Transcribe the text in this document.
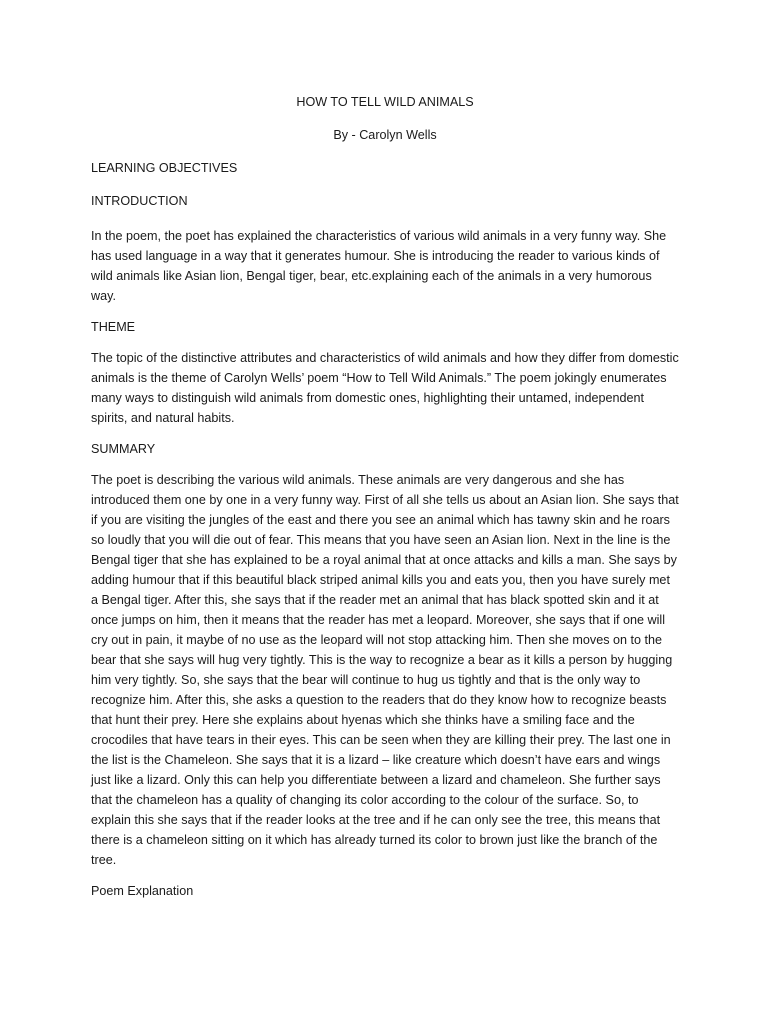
HOW TO TELL WILD ANIMALS

By - Carolyn Wells

LEARNING OBJECTIVES

INTRODUCTION

In the poem, the poet has explained the characteristics of various wild animals in a very funny way. She has used language in a way that it generates humour. She is introducing the reader to various kinds of wild animals like Asian lion, Bengal tiger, bear, etc.explaining each of the animals in a very humorous way.

THEME

The topic of the distinctive attributes and characteristics of wild animals and how they differ from domestic animals is the theme of Carolyn Wells’ poem “How to Tell Wild Animals.” The poem jokingly enumerates many ways to distinguish wild animals from domestic ones, highlighting their untamed, independent spirits, and natural habits.

SUMMARY

The poet is describing the various wild animals. These animals are very dangerous and she has introduced them one by one in a very funny way. First of all she tells us about an Asian lion. She says that if you are visiting the jungles of the east and there you see an animal which has tawny skin and he roars so loudly that you will die out of fear. This means that you have seen an Asian lion. Next in the line is the Bengal tiger that she has explained to be a royal animal that at once attacks and kills a man. She says by adding humour that if this beautiful black striped animal kills you and eats you, then you have surely met a Bengal tiger. After this, she says that if the reader met an animal that has black spotted skin and it at once jumps on him, then it means that the reader has met a leopard. Moreover, she says that if one will cry out in pain, it maybe of no use as the leopard will not stop attacking him. Then she moves on to the bear that she says will hug very tightly. This is the way to recognize a bear as it kills a person by hugging him very tightly. So, she says that the bear will continue to hug us tightly and that is the only way to recognize him. After this, she asks a question to the readers that do they know how to recognize beasts that hunt their prey. Here she explains about hyenas which she thinks have a smiling face and the crocodiles that have tears in their eyes. This can be seen when they are killing their prey. The last one in the list is the Chameleon. She says that it is a lizard – like creature which doesn’t have ears and wings just like a lizard. Only this can help you differentiate between a lizard and chameleon. She further says that the chameleon has a quality of changing its color according to the colour of the surface. So, to explain this she says that if the reader looks at the tree and if he can only see the tree, this means that there is a chameleon sitting on it which has already turned its color to brown just like the branch of the tree.

Poem Explanation
